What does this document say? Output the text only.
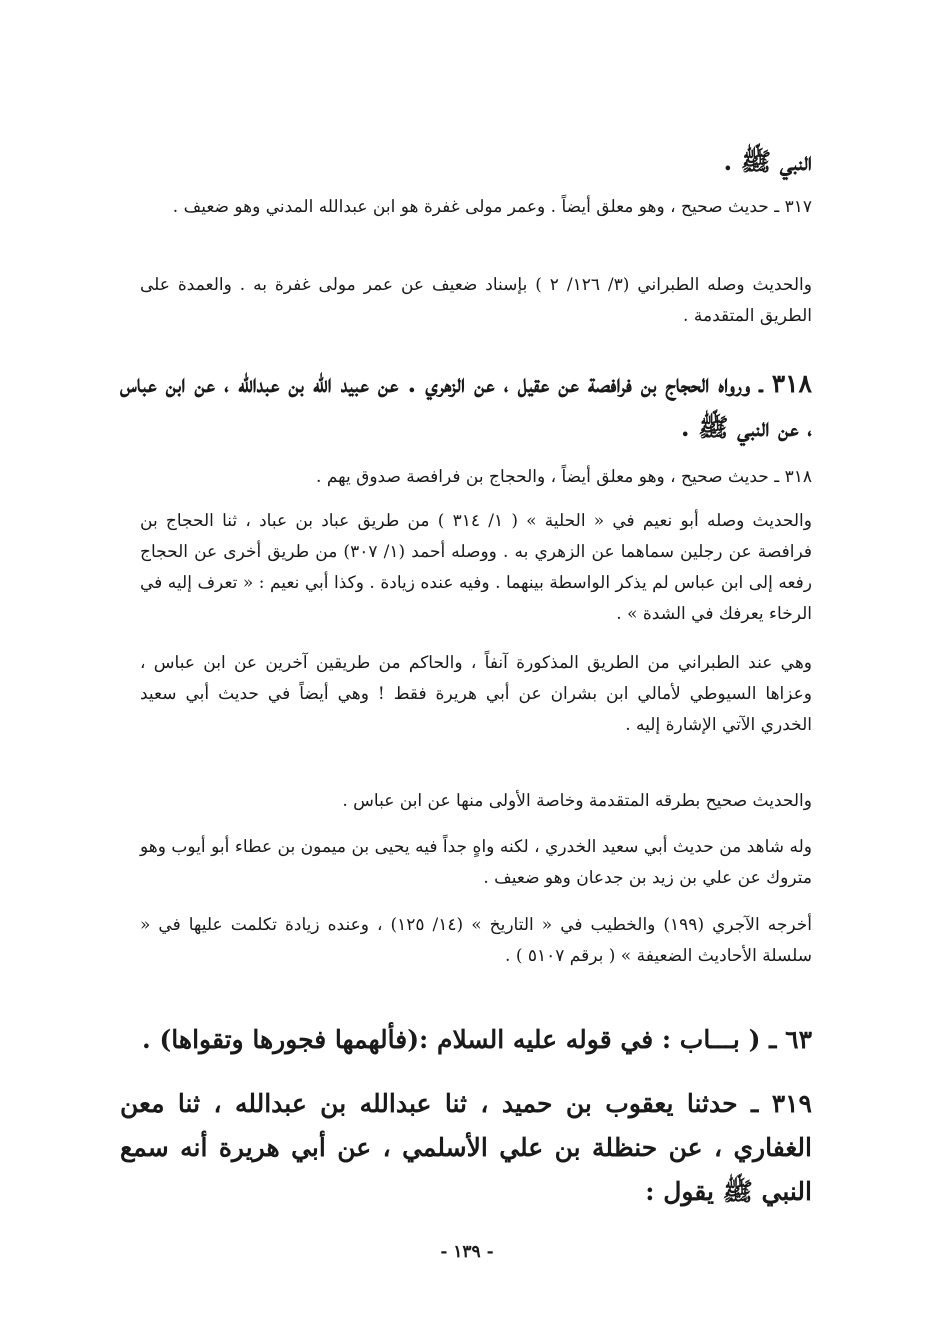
النبي ﷺ .

٣١٧ ـ حديث صحيح ، وهو معلق أيضاً . وعمر مولى غفرة هو ابن عبدالله المدني وهو ضعيف .

والحديث وصله الطبراني (٣/ ١٢٦/ ٢ ) بإسناد ضعيف عن عمر مولى غفرة به . والعمدة على الطريق المتقدمة .

٣١٨ ـ ورواه الحجاج بن فرافصة عن عقيل ، عن الزهري . عن عبيد الله بن عبدالله ، عن ابن عباس ، عن النبي ﷺ .

٣١٨ ـ حديث صحيح ، وهو معلق أيضاً ، والحجاج بن فرافصة صدوق يهم .

والحديث وصله أبو نعيم في « الحلية » ( ١/ ٣١٤ ) من طريق عباد بن عباد ، ثنا الحجاج بن فرافصة عن رجلين سماهما عن الزهري به . ووصله أحمد (١/ ٣٠٧) من طريق أخرى عن الحجاج رفعه إلى ابن عباس لم يذكر الواسطة بينهما . وفيه عنده زيادة . وكذا أبي نعيم : « تعرف إليه في الرخاء يعرفك في الشدة » .

وهي عند الطبراني من الطريق المذكورة آنفاً ، والحاكم من طريقين آخرين عن ابن عباس ، وعزاها السيوطي لأمالي ابن بشران عن أبي هريرة فقط ! وهي أيضاً في حديث أبي سعيد الخدري الآتي الإشارة إليه .

والحديث صحيح بطرقه المتقدمة وخاصة الأولى منها عن ابن عباس .

وله شاهد من حديث أبي سعيد الخدري ، لكنه واهٍ جداً فيه يحيى بن ميمون بن عطاء أبو أيوب وهو متروك عن علي بن زيد بن جدعان وهو ضعيف .

أخرجه الآجري (١٩٩) والخطيب في « التاريخ » (١٤/ ١٢٥) ، وعنده زيادة تكلمت عليها في « سلسلة الأحاديث الضعيفة » ( برقم ٥١٠٧ ) .

٦٣ ـ ( بـــاب : في قوله عليه السلام :(فألهمها فجورها وتقواها) .

٣١٩ ـ حدثنا يعقوب بن حميد ، ثنا عبدالله بن عبدالله ، ثنا معن الغفاري ، عن حنظلة بن علي الأسلمي ، عن أبي هريرة أنه سمع النبي ﷺ يقول :

- ١٣٩ -
